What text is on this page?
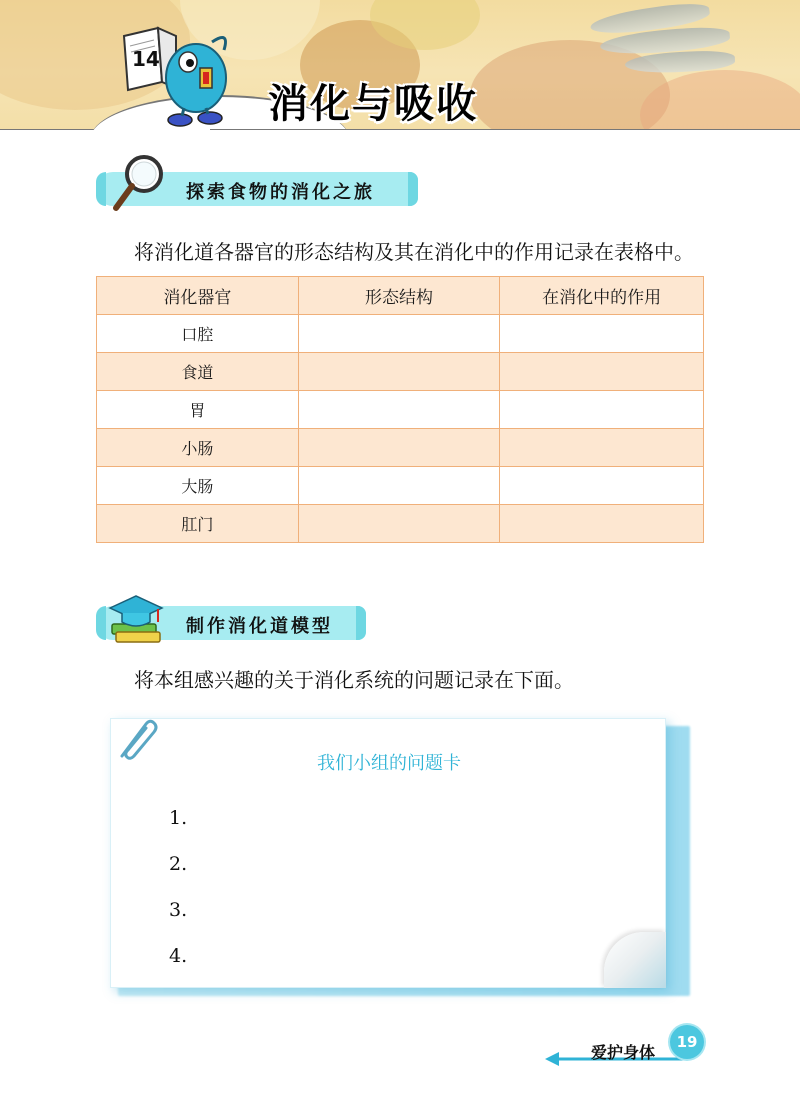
14
消化与吸收
探索食物的消化之旅
将消化道各器官的形态结构及其在消化中的作用记录在表格中。
消化器官	形态结构	在消化中的作用
口腔		
食道		
胃		
小肠		
大肠		
肛门		
制作消化道模型
将本组感兴趣的关于消化系统的问题记录在下面。
我们小组的问题卡
1.
2.
3.
4.
爱护身体
19
